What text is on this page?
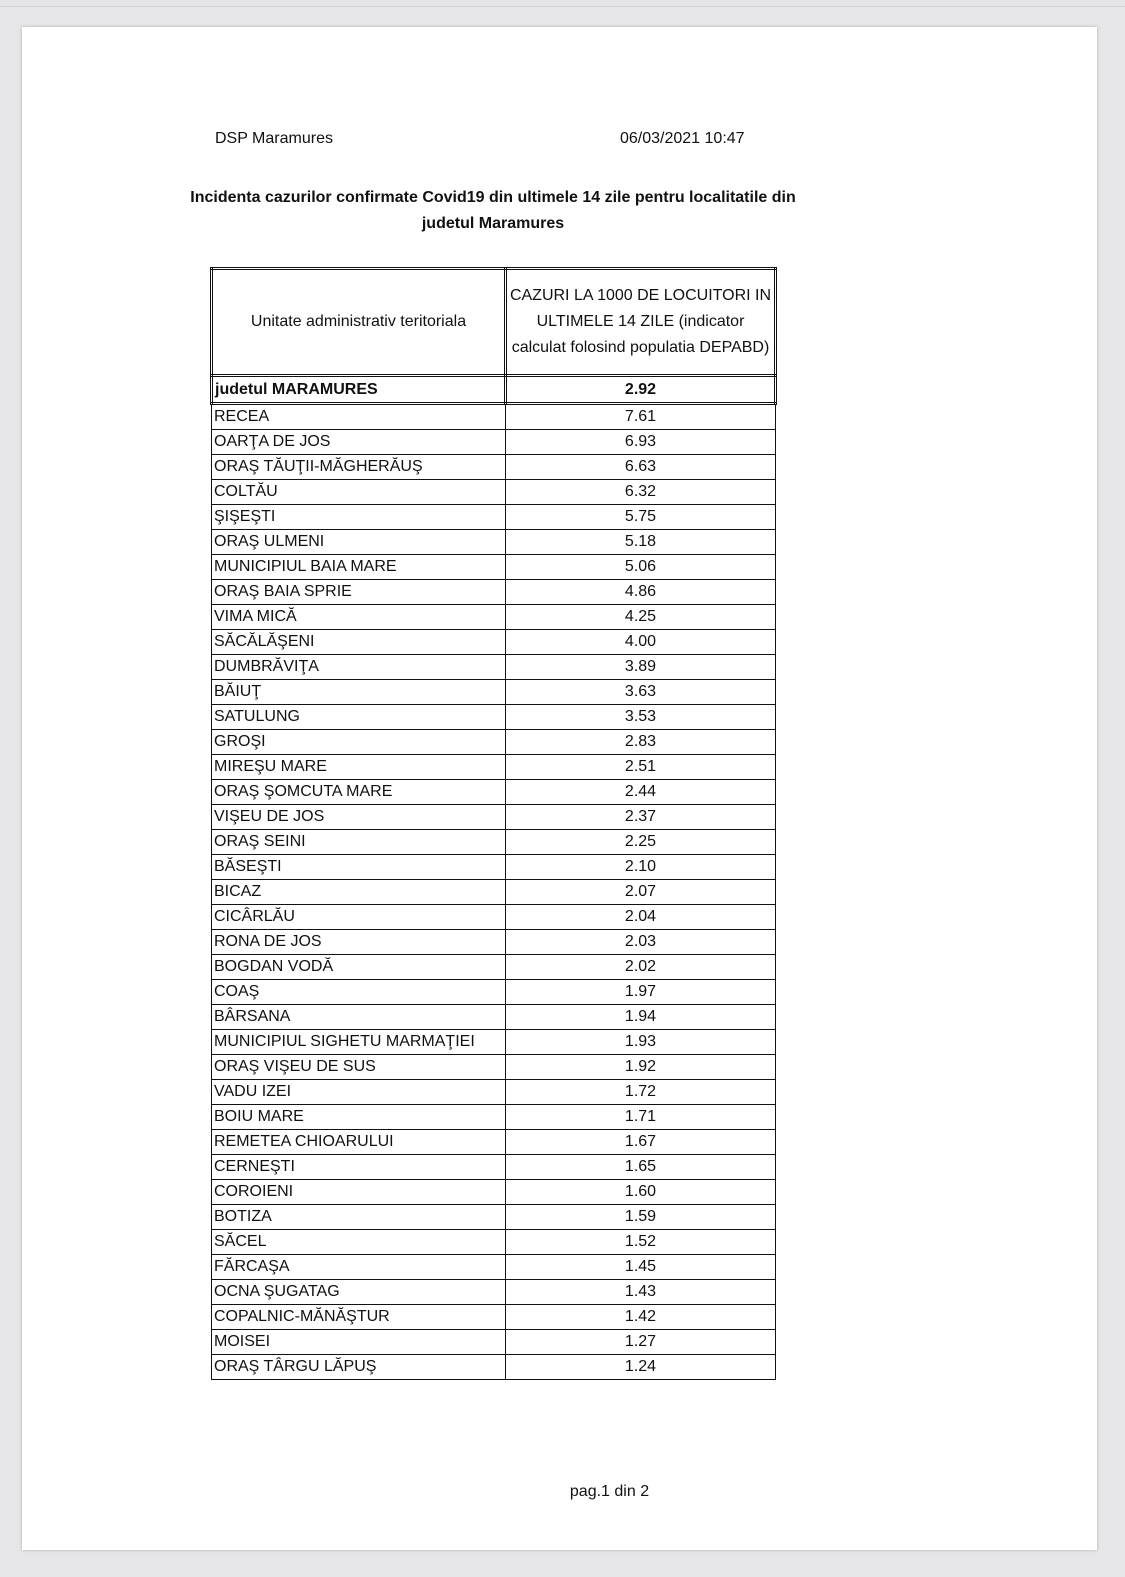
DSP Maramures	06/03/2021 10:47

Incidenta cazurilor confirmate Covid19 din ultimele 14 zile pentru localitatile din judetul Maramures

Unitate administrativ teritoriala	CAZURI LA 1000 DE LOCUITORI IN ULTIMELE 14 ZILE (indicator calculat folosind populatia DEPABD)
judetul MARAMURES	2.92
RECEA	7.61
OARŢA DE JOS	6.93
ORAŞ TĂUŢII-MĂGHERĂUŞ	6.63
COLTĂU	6.32
ŞIŞEŞTI	5.75
ORAŞ ULMENI	5.18
MUNICIPIUL BAIA MARE	5.06
ORAŞ BAIA SPRIE	4.86
VIMA MICĂ	4.25
SĂCĂLĂŞENI	4.00
DUMBRĂVIŢA	3.89
BĂIUŢ	3.63
SATULUNG	3.53
GROŞI	2.83
MIREŞU MARE	2.51
ORAŞ ŞOMCUTA MARE	2.44
VIŞEU DE JOS	2.37
ORAŞ SEINI	2.25
BĂSEŞTI	2.10
BICAZ	2.07
CICÂRLĂU	2.04
RONA DE JOS	2.03
BOGDAN VODĂ	2.02
COAŞ	1.97
BÂRSANA	1.94
MUNICIPIUL SIGHETU MARMAŢIEI	1.93
ORAŞ VIŞEU DE SUS	1.92
VADU IZEI	1.72
BOIU MARE	1.71
REMETEA CHIOARULUI	1.67
CERNEŞTI	1.65
COROIENI	1.60
BOTIZA	1.59
SĂCEL	1.52
FĂRCAŞA	1.45
OCNA ŞUGATAG	1.43
COPALNIC-MĂNĂŞTUR	1.42
MOISEI	1.27
ORAŞ TÂRGU LĂPUŞ	1.24
pag.1 din 2
